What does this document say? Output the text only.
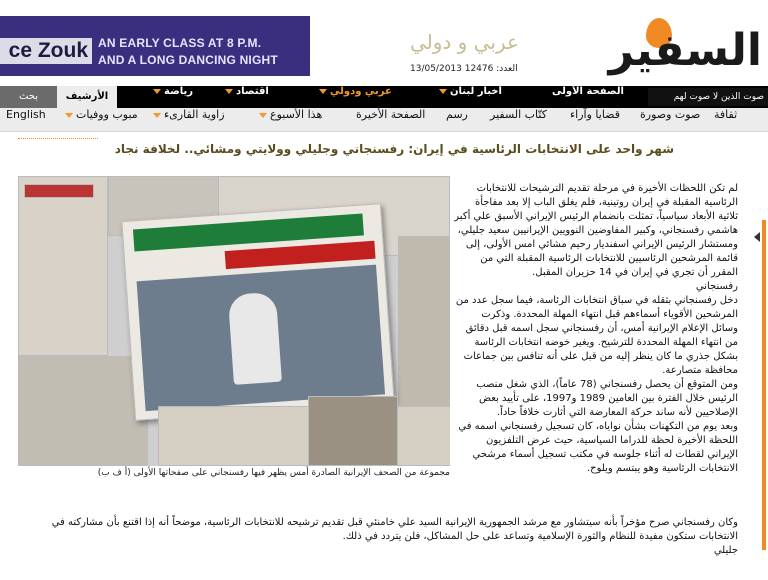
ce Zouk AN EARLY CLASS AT 8 P.M.
AND A LONG DANCING NIGHT
عربي و دولي
13/05/2013 العدد: 12476 السفير
رياضة	اقتصاد	عربي ودولي	أخبار لبنان	الصفحة الأولى
بحث	الأرشيف	صوت الذين لا صوت لهم
English	مبوب ووفيات	زاوية القارىء	هذا الأسبوع	الصفحة الأخيرة رسم كتّاب السفير قضايا وآراء صوت وصورة ثقافة
شهر واحد على الانتخابات الرئاسية في إيران: رفسنجاني وجليلي وولايتي ومشائي.. لخلافة نجاد
مجموعة من الصحف الإيرانية الصادرة أمس يظهر فيها رفسنجاني على صفحاتها الأولى (أ ف ب)

لم تكن اللحظات الأخيرة في مرحلة تقديم الترشيحات للانتخابات الرئاسية المقبلة في إيران روتينية، فلم يغلق الباب إلا بعد مفاجأة ثلاثية الأبعاد سياسياً، تمثلت بانضمام الرئيس الإيراني الأسبق علي أكبر هاشمي رفسنجاني، وكبير المفاوضين النوويين الإيرانيين سعيد جليلي، ومستشار الرئيس الإيراني اسفنديار رحيم مشائي امس الأولى، إلى قائمة المرشحين الرئاسيين للانتخابات الرئاسية المقبلة التي من المقرر أن تجري في إيران في 14 حزيران المقبل.

رفسنجاني

دخل رفسنجاني بثقله في سباق انتخابات الرئاسة، فيما سجل عدد من المرشحين الأقوياء أسماءهم قبل انتهاء المهلة المحددة. وذكرت وسائل الإعلام الإيرانية أمس، أن رفسنجاني سجل اسمه قبل دقائق من انتهاء المهلة المحددة للترشيح. ويغير خوضه انتخابات الرئاسة بشكل جذري ما كان ينظر إليه من قبل على أنه تنافس بين جماعات محافظة متصارعة.

ومن المتوقع أن يحصل رفسنجاني (78 عاماً)، الذي شغل منصب الرئيس خلال الفترة بين العامين 1989 و1997، على تأييد بعض الإصلاحيين لأنه ساند حركة المعارضة التي أثارت خلافاً حاداً.

وبعد يوم من التكهنات بشأن نواياه، كان تسجيل رفسنجاني اسمه في اللحظة الأخيرة لحظة للدراما السياسية، حيث عرض التلفزيون الإيراني لقطات له أثناء جلوسه في مكتب تسجيل أسماء مرشحي الانتخابات الرئاسية وهو يبتسم ويلوح.

وكان رفسنجاني صرح مؤخراً بأنه سيتشاور مع مرشد الجمهورية الإيرانية السيد علي خامنئي قبل تقديم ترشيحه للانتخابات الرئاسية، موضحاً أنه إذا اقتنع بأن مشاركته في الانتخابات ستكون مفيدة للنظام والثورة الإسلامية وتساعد على حل المشاكل، فلن يتردد في ذلك.

جليلي
